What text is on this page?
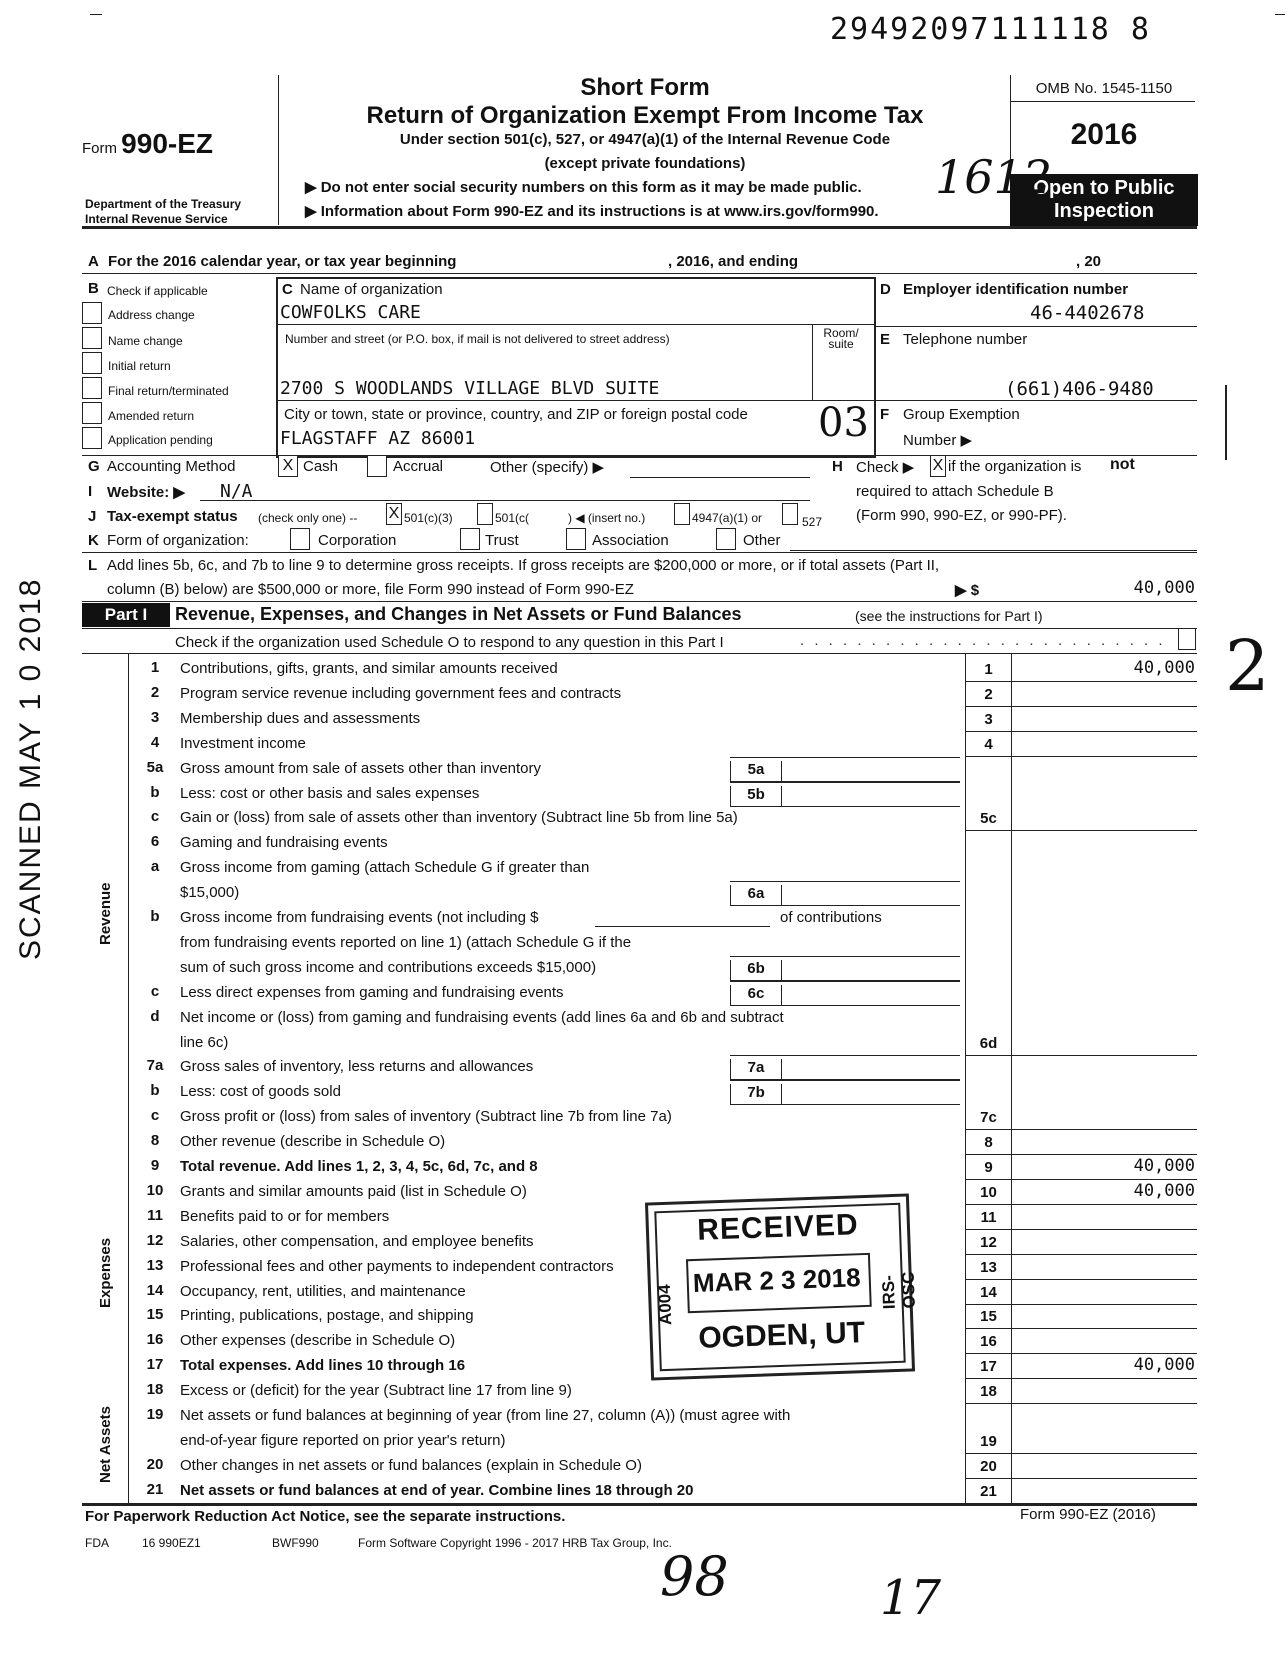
29492097111118 8
Form 990-EZ
Department of the Treasury
Internal Revenue Service
Short Form
Return of Organization Exempt From Income Tax
Under section 501(c), 527, or 4947(a)(1) of the Internal Revenue Code
(except private foundations)
▶ Do not enter social security numbers on this form as it may be made public.
▶ Information about Form 990-EZ and its instructions is at www.irs.gov/form990.
OMB No. 1545-1150
2016
Open to Public
Inspection
A For the 2016 calendar year, or tax year beginning	, 2016, and ending	, 20
B Check if applicable
Address change
Name change
Initial return
Final return/terminated
Amended return
Application pending
C Name of organization
COWFOLKS CARE
Number and street (or P.O. box, if mail is not delivered to street address)	Room/ suite
2700 S WOODLANDS VILLAGE BLVD SUITE
City or town, state or province, country, and ZIP or foreign postal code
FLAGSTAFF AZ 86001
D Employer identification number
46-4402678
E Telephone number
(661)406-9480
F Group Exemption
Number ▶
G Accounting Method	X Cash	Accrual	Other (specify) ▶	H Check ▶ X if the organization is not
required to attach Schedule B
(Form 990, 990-EZ, or 990-PF).
I Website: ▶ N/A
J Tax-exempt status (check only one) -- X 501(c)(3)	501(c(	) ◀ (insert no.)	4947(a)(1) or	527
K Form of organization:	Corporation	Trust	Association	Other
L Add lines 5b, 6c, and 7b to line 9 to determine gross receipts. If gross receipts are $200,000 or more, or if total assets (Part II,
column (B) below) are $500,000 or more, file Form 990 instead of Form 990-EZ	▶ $	40,000
Part I	Revenue, Expenses, and Changes in Net Assets or Fund Balances	(see the instructions for Part I)
Check if the organization used Schedule O to respond to any question in this Part I	. . . . . . . . . . . . . . . . . . . . . . . . . .
1	Contributions, gifts, grants, and similar amounts received	1	40,000
2	Program service revenue including government fees and contracts	2
3	Membership dues and assessments	3
4	Investment income	4
5a	Gross amount from sale of assets other than inventory	5a
b	Less: cost or other basis and sales expenses	5b
c	Gain or (loss) from sale of assets other than inventory (Subtract line 5b from line 5a)	5c
6	Gaming and fundraising events
a	Gross income from gaming (attach Schedule G if greater than
$15,000)	6a
b	Gross income from fundraising events (not including $	of contributions
from fundraising events reported on line 1) (attach Schedule G if the
sum of such gross income and contributions exceeds $15,000)	6b
c	Less direct expenses from gaming and fundraising events	6c
d	Net income or (loss) from gaming and fundraising events (add lines 6a and 6b and subtract
line 6c)	6d
7a	Gross sales of inventory, less returns and allowances	7a
b	Less: cost of goods sold	7b
c	Gross profit or (loss) from sales of inventory (Subtract line 7b from line 7a)	7c
8	Other revenue (describe in Schedule O)	8
9	Total revenue. Add lines 1, 2, 3, 4, 5c, 6d, 7c, and 8	9	40,000
10	Grants and similar amounts paid (list in Schedule O)	10	40,000
11	Benefits paid to or for members	11
12	Salaries, other compensation, and employee benefits	12
13	Professional fees and other payments to independent contractors	13
14	Occupancy, rent, utilities, and maintenance	14
15	Printing, publications, postage, and shipping	15
16	Other expenses (describe in Schedule O)	16
17	Total expenses. Add lines 10 through 16	17	40,000
18	Excess or (deficit) for the year (Subtract line 17 from line 9)	18
19	Net assets or fund balances at beginning of year (from line 27, column (A)) (must agree with
end-of-year figure reported on prior year's return)	19
20	Other changes in net assets or fund balances (explain in Schedule O)	20
21	Net assets or fund balances at end of year. Combine lines 18 through 20	21
Revenue
Expenses
Net Assets
For Paperwork Reduction Act Notice, see the separate instructions.	Form 990-EZ (2016)
FDA	16 990EZ1	BWF990	Form Software Copyright 1996 - 2017 HRB Tax Group, Inc.
RECEIVED
MAR 2 3 2018
OGDEN, UT
A004	IRS-OSC
SCANNED MAY 1 0 2018
1612
03
2
98	17
